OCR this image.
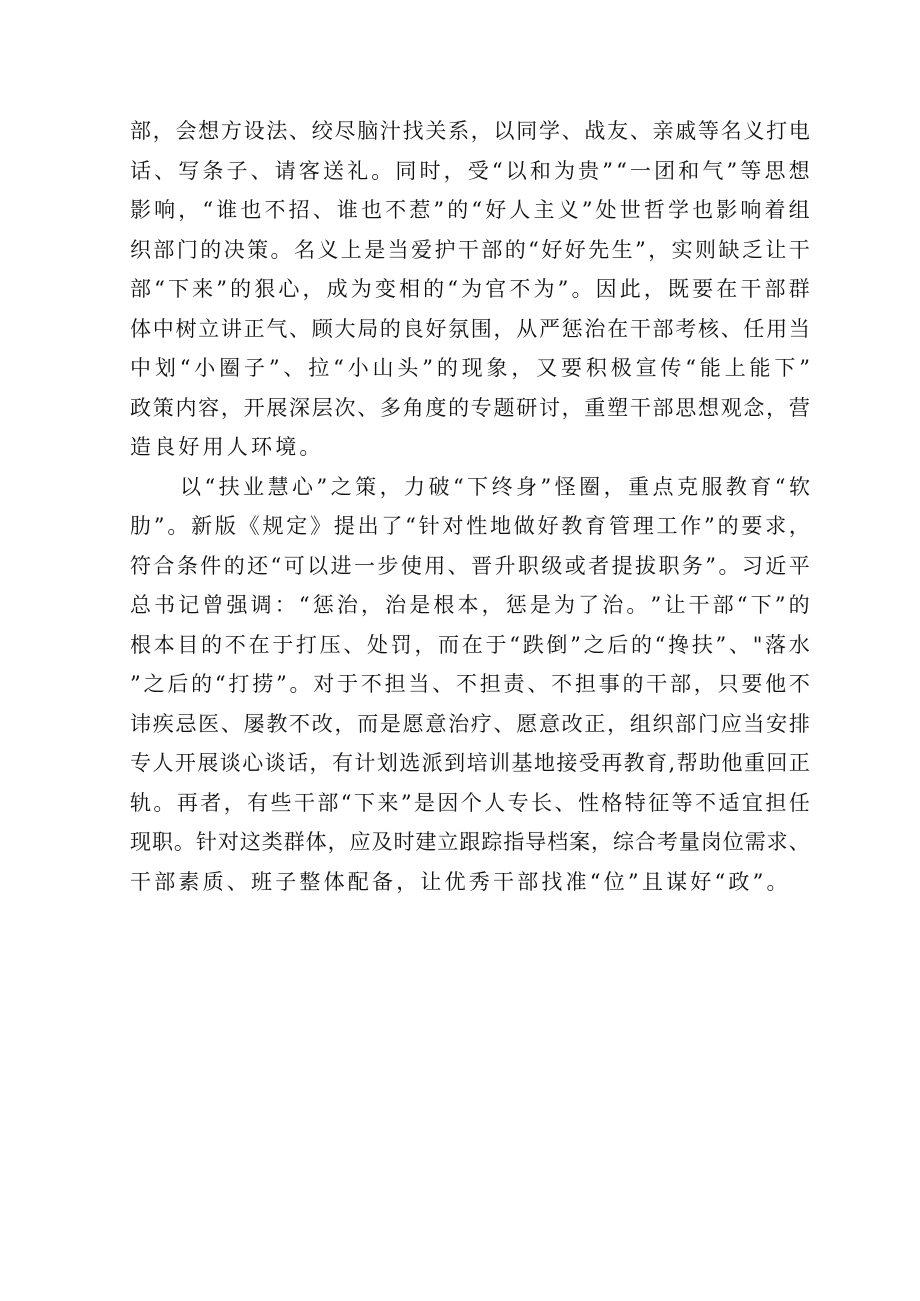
部 ， 会 想 方 设 法 、 绞 尽 脑 汁 找 关 系 ， 以 同 学 、 战 友 、 亲 戚 等 名 义 打 电
话 、 写 条 子 、 请 客 送 礼 。 同 时 ， 受 “ 以 和 为 贵 ” “ 一 团 和 气 ” 等 思 想
影 响 ， “ 谁 也 不 招 、 谁 也 不 惹 ” 的 “ 好 人 主 义 ” 处 世 哲 学 也 影 响 着 组
织 部 门 的 决 策 。 名 义 上 是 当 爱 护 干 部 的 “ 好 好 先 生 ” ， 实 则 缺 乏 让 干
部 “ 下 来 ” 的 狠 心 ， 成 为 变 相 的 “ 为 官 不 为 ” 。 因 此 ， 既 要 在 干 部 群
体 中 树 立 讲 正 气 、 顾 大 局 的 良 好 氛 围 ， 从 严 惩 治 在 干 部 考 核 、 任 用 当
中 划 “ 小 圈 子 ” 、 拉 “ 小 山 头 ” 的 现 象 ， 又 要 积 极 宣 传 “ 能 上 能 下 ”
政 策 内 容 ， 开 展 深 层 次 、 多 角 度 的 专 题 研 讨 ， 重 塑 干 部 思 想 观 念 ， 营
造良好用人环境。
以 “ 扶 业 慧 心 ” 之 策 ， 力 破 “ 下 终 身 ” 怪 圈 ， 重 点 克 服 教 育 “ 软
肋 ” 。 新 版 《 规 定 》 提 出 了 “ 针 对 性 地 做 好 教 育 管 理 工 作 ” 的 要 求 ，
符 合 条 件 的 还 “ 可 以 进 一 步 使 用 、 晋 升 职 级 或 者 提 拔 职 务 ” 。 习 近 平
总 书 记 曾 强 调 ： “ 惩 治 ， 治 是 根 本 ， 惩 是 为 了 治 。 ” 让 干 部 “ 下 ” 的
根 本 目 的 不 在 于 打 压 、 处 罚 ， 而 在 于 “ 跌 倒 ” 之 后 的 “ 搀 扶 ” 、 " 落 水
” 之 后 的 “ 打 捞 ” 。 对 于 不 担 当 、 不 担 责 、 不 担 事 的 干 部 ， 只 要 他 不
讳 疾 忌 医 、 屡 教 不 改 ， 而 是 愿 意 治 疗 、 愿 意 改 正 ， 组 织 部 门 应 当 安 排
专 人 开 展 谈 心 谈 话 ， 有 计 划 选 派 到 培 训 基 地 接 受 再 教 育 , 帮 助 他 重 回 正
轨 。 再 者 ， 有 些 干 部 “ 下 来 ” 是 因 个 人 专 长 、 性 格 特 征 等 不 适 宜 担 任
现 职 。 针 对 这 类 群 体 ， 应 及 时 建 立 跟 踪 指 导 档 案 ， 综 合 考 量 岗 位 需 求 、
干部素质、班子整体配备，让优秀干部找准“位”且谋好“政”。
